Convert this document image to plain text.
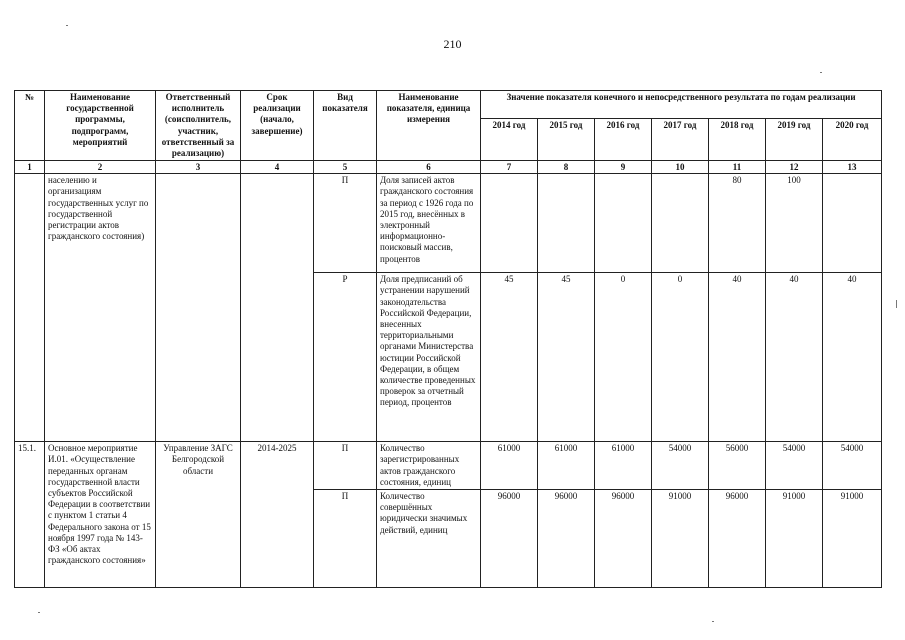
210
№	Наименование государственной программы, подпрограмм, мероприятий	Ответственный исполнитель (соисполнитель, участник, ответственный за реализацию)	Срок реализации (начало, завершение)	Вид показателя	Наименование показателя, единица измерения	Значение показателя конечного и непосредственного результата по годам реализации						
						2014 год	2015 год	2016 год	2017 год	2018 год	2019 год	2020 год
1	2	3	4	5	6	7	8	9	10	11	12	13
	населению и организациям государственных услуг по государственной регистрации актов гражданского состояния)			П	Доля записей актов гражданского состояния за период с 1926 года по 2015 год, внесённых в электронный информационно-поисковый массив, процентов					80	100	
				Р	Доля предписаний об устранении нарушений законодательства Российской Федерации, внесенных территориальными органами Министерства юстиции Российской Федерации, в общем количестве проведенных проверок за отчетный период, процентов	45	45	0	0	40	40	40
15.1.	Основное мероприятие И.01. «Осуществление переданных органам государственной власти субъектов Российской Федерации в соответствии с пунктом 1 статьи 4 Федерального закона от 15 ноября 1997 года № 143-ФЗ «Об актах гражданского состояния»	Управление ЗАГС Белгородской области	2014-2025	П	Количество зарегистрированных актов гражданского состояния, единиц	61000	61000	61000	54000	56000	54000	54000
				П	Количество совершённых юридически значимых действий, единиц	96000	96000	96000	91000	96000	91000	91000
